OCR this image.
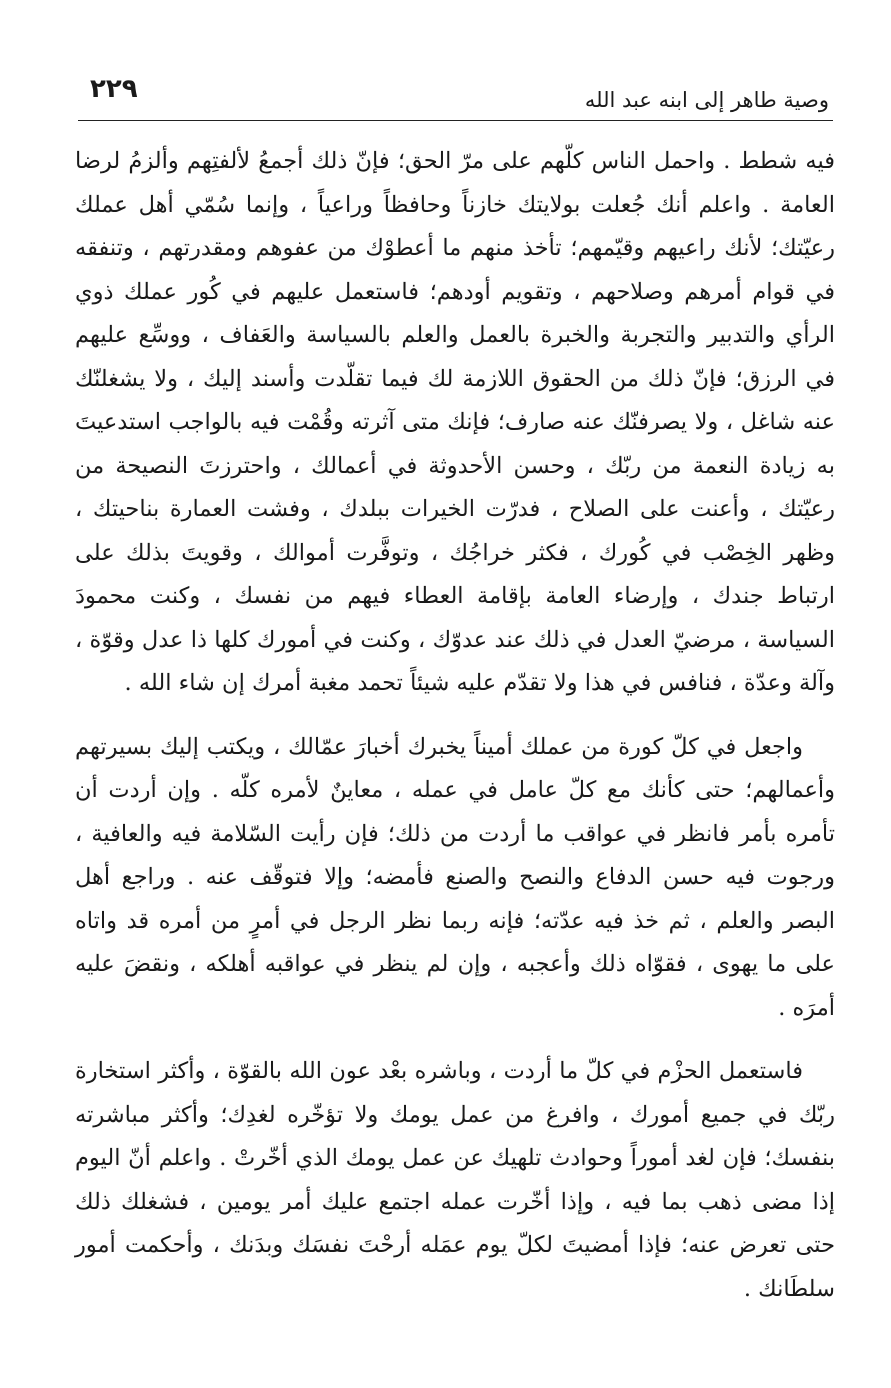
٢٢٩	وصية طاهر إلى ابنه عبد الله

فيه شطط . واحمل الناس كلّهم على مرّ الحق؛ فإنّ ذلك أجمعُ لألفتِهم وألزمُ لرضا العامة . واعلم أنك جُعلت بولايتك خازناً وحافظاً وراعياً ، وإنما سُمّي أهل عملك رعيّتك؛ لأنك راعيهم وقيّمهم؛ تأخذ منهم ما أعطوْك من عفوهم ومقدرتهم ، وتنفقه في قوام أمرهم وصلاحهم ، وتقويم أودهم؛ فاستعمل عليهم في كُور عملك ذوي الرأي والتدبير والتجربة والخبرة بالعمل والعلم بالسياسة والعَفاف ، ووسِّع عليهم في الرزق؛ فإنّ ذلك من الحقوق اللازمة لك فيما تقلّدت وأسند إليك ، ولا يشغلنّك عنه شاغل ، ولا يصرفنّك عنه صارف؛ فإنك متى آثرته وقُمْت فيه بالواجب استدعيتَ به زيادة النعمة من ربّك ، وحسن الأحدوثة في أعمالك ، واحترزتَ النصيحة من رعيّتك ، وأعنت على الصلاح ، فدرّت الخيرات ببلدك ، وفشت العمارة بناحيتك ، وظهر الخِصْب في كُورك ، فكثر خراجُك ، وتوفَّرت أموالك ، وقويتَ بذلك على ارتباط جندك ، وإرضاء العامة بإقامة العطاء فيهم من نفسك ، وكنت محمودَ السياسة ، مرضيّ العدل في ذلك عند عدوّك ، وكنت في أمورك كلها ذا عدل وقوّة ، وآلة وعدّة ، فنافس في هذا ولا تقدّم عليه شيئاً تحمد مغبة أمرك إن شاء الله .

واجعل في كلّ كورة من عملك أميناً يخبرك أخبارَ عمّالك ، ويكتب إليك بسيرتهم وأعمالهم؛ حتى كأنك مع كلّ عامل في عمله ، معاينٌ لأمره كلّه . وإن أردت أن تأمره بأمر فانظر في عواقب ما أردت من ذلك؛ فإن رأيت السّلامة فيه والعافية ، ورجوت فيه حسن الدفاع والنصح والصنع فأمضه؛ وإلا فتوقّف عنه . وراجع أهل البصر والعلم ، ثم خذ فيه عدّته؛ فإنه ربما نظر الرجل في أمرٍ من أمره قد واتاه على ما يهوى ، فقوّاه ذلك وأعجبه ، وإن لم ينظر في عواقبه أهلكه ، ونقضَ عليه أمرَه .

فاستعمل الحزْم في كلّ ما أردت ، وباشره بعْد عون الله بالقوّة ، وأكثر استخارة ربّك في جميع أمورك ، وافرغ من عمل يومك ولا تؤخّره لغدِك؛ وأكثر مباشرته بنفسك؛ فإن لغد أموراً وحوادث تلهيك عن عمل يومك الذي أخّرتْ . واعلم أنّ اليوم إذا مضى ذهب بما فيه ، وإذا أخّرت عمله اجتمع عليك أمر يومين ، فشغلك ذلك حتى تعرض عنه؛ فإذا أمضيتَ لكلّ يوم عمَله أرحْتَ نفسَك وبدَنك ، وأحكمت أمور سلطَانك .
